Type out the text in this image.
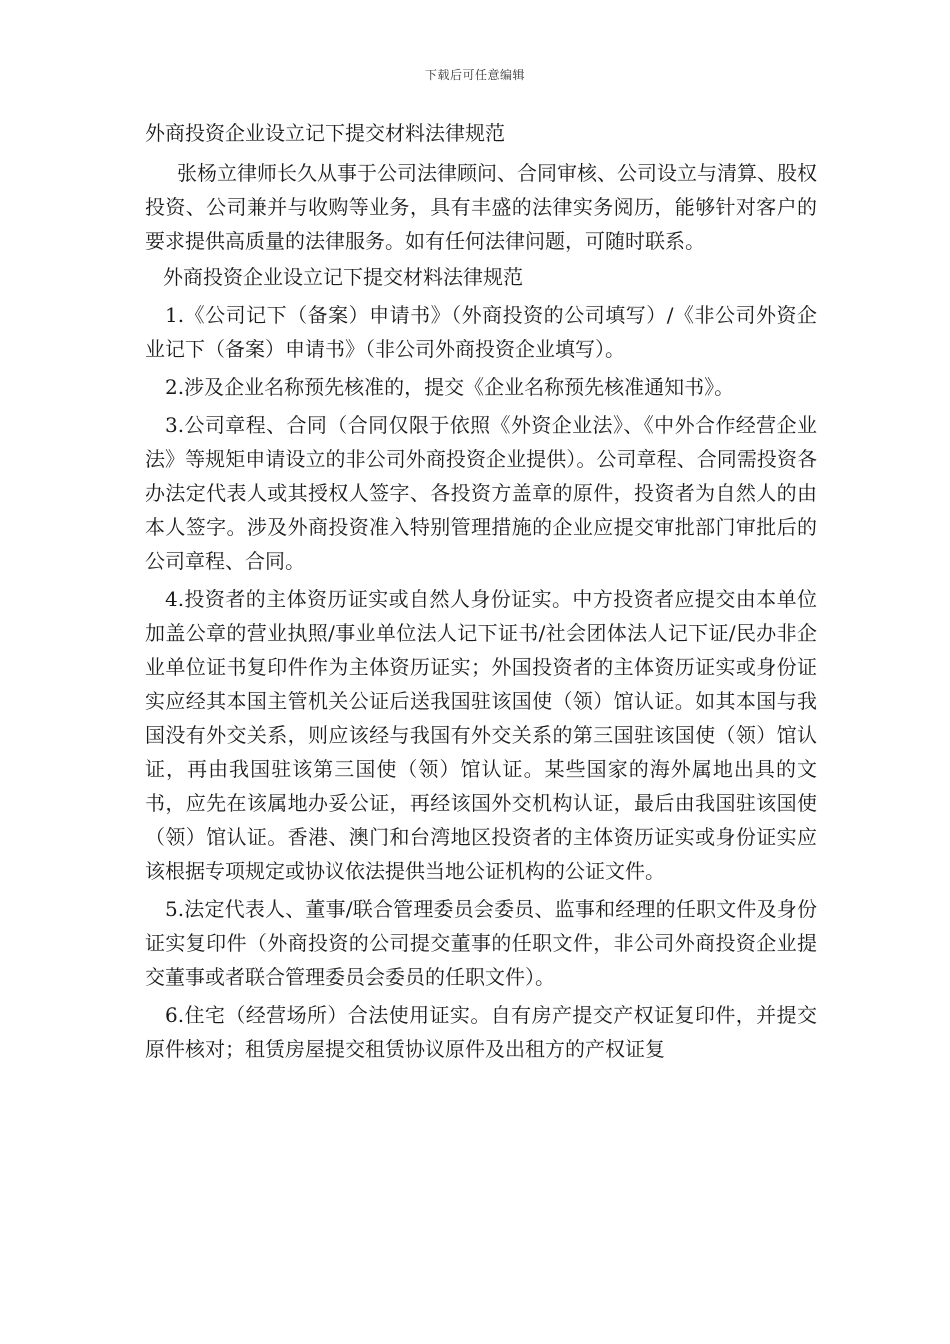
下载后可任意编辑

外商投资企业设立记下提交材料法律规范

张杨立律师长久从事于公司法律顾问、合同审核、公司设立与清算、股权投资、公司兼并与收购等业务，具有丰盛的法律实务阅历，能够针对客户的要求提供高质量的法律服务。如有任何法律问题，可随时联系。

外商投资企业设立记下提交材料法律规范

1.《公司记下（备案）申请书》（外商投资的公司填写）/《非公司外资企业记下（备案）申请书》（非公司外商投资企业填写）。

2.涉及企业名称预先核准的，提交《企业名称预先核准通知书》。

3.公司章程、合同（合同仅限于依照《外资企业法》、《中外合作经营企业法》等规矩申请设立的非公司外商投资企业提供）。公司章程、合同需投资各办法定代表人或其授权人签字、各投资方盖章的原件，投资者为自然人的由本人签字。涉及外商投资准入特别管理措施的企业应提交审批部门审批后的公司章程、合同。

4.投资者的主体资历证实或自然人身份证实。中方投资者应提交由本单位加盖公章的营业执照/事业单位法人记下证书/社会团体法人记下证/民办非企业单位证书复印件作为主体资历证实；外国投资者的主体资历证实或身份证实应经其本国主管机关公证后送我国驻该国使（领）馆认证。如其本国与我国没有外交关系，则应该经与我国有外交关系的第三国驻该国使（领）馆认证，再由我国驻该第三国使（领）馆认证。某些国家的海外属地出具的文书，应先在该属地办妥公证，再经该国外交机构认证，最后由我国驻该国使（领）馆认证。香港、澳门和台湾地区投资者的主体资历证实或身份证实应该根据专项规定或协议依法提供当地公证机构的公证文件。

5.法定代表人、董事/联合管理委员会委员、监事和经理的任职文件及身份证实复印件（外商投资的公司提交董事的任职文件，非公司外商投资企业提交董事或者联合管理委员会委员的任职文件）。

6.住宅（经营场所）合法使用证实。自有房产提交产权证复印件，并提交原件核对；租赁房屋提交租赁协议原件及出租方的产权证复
